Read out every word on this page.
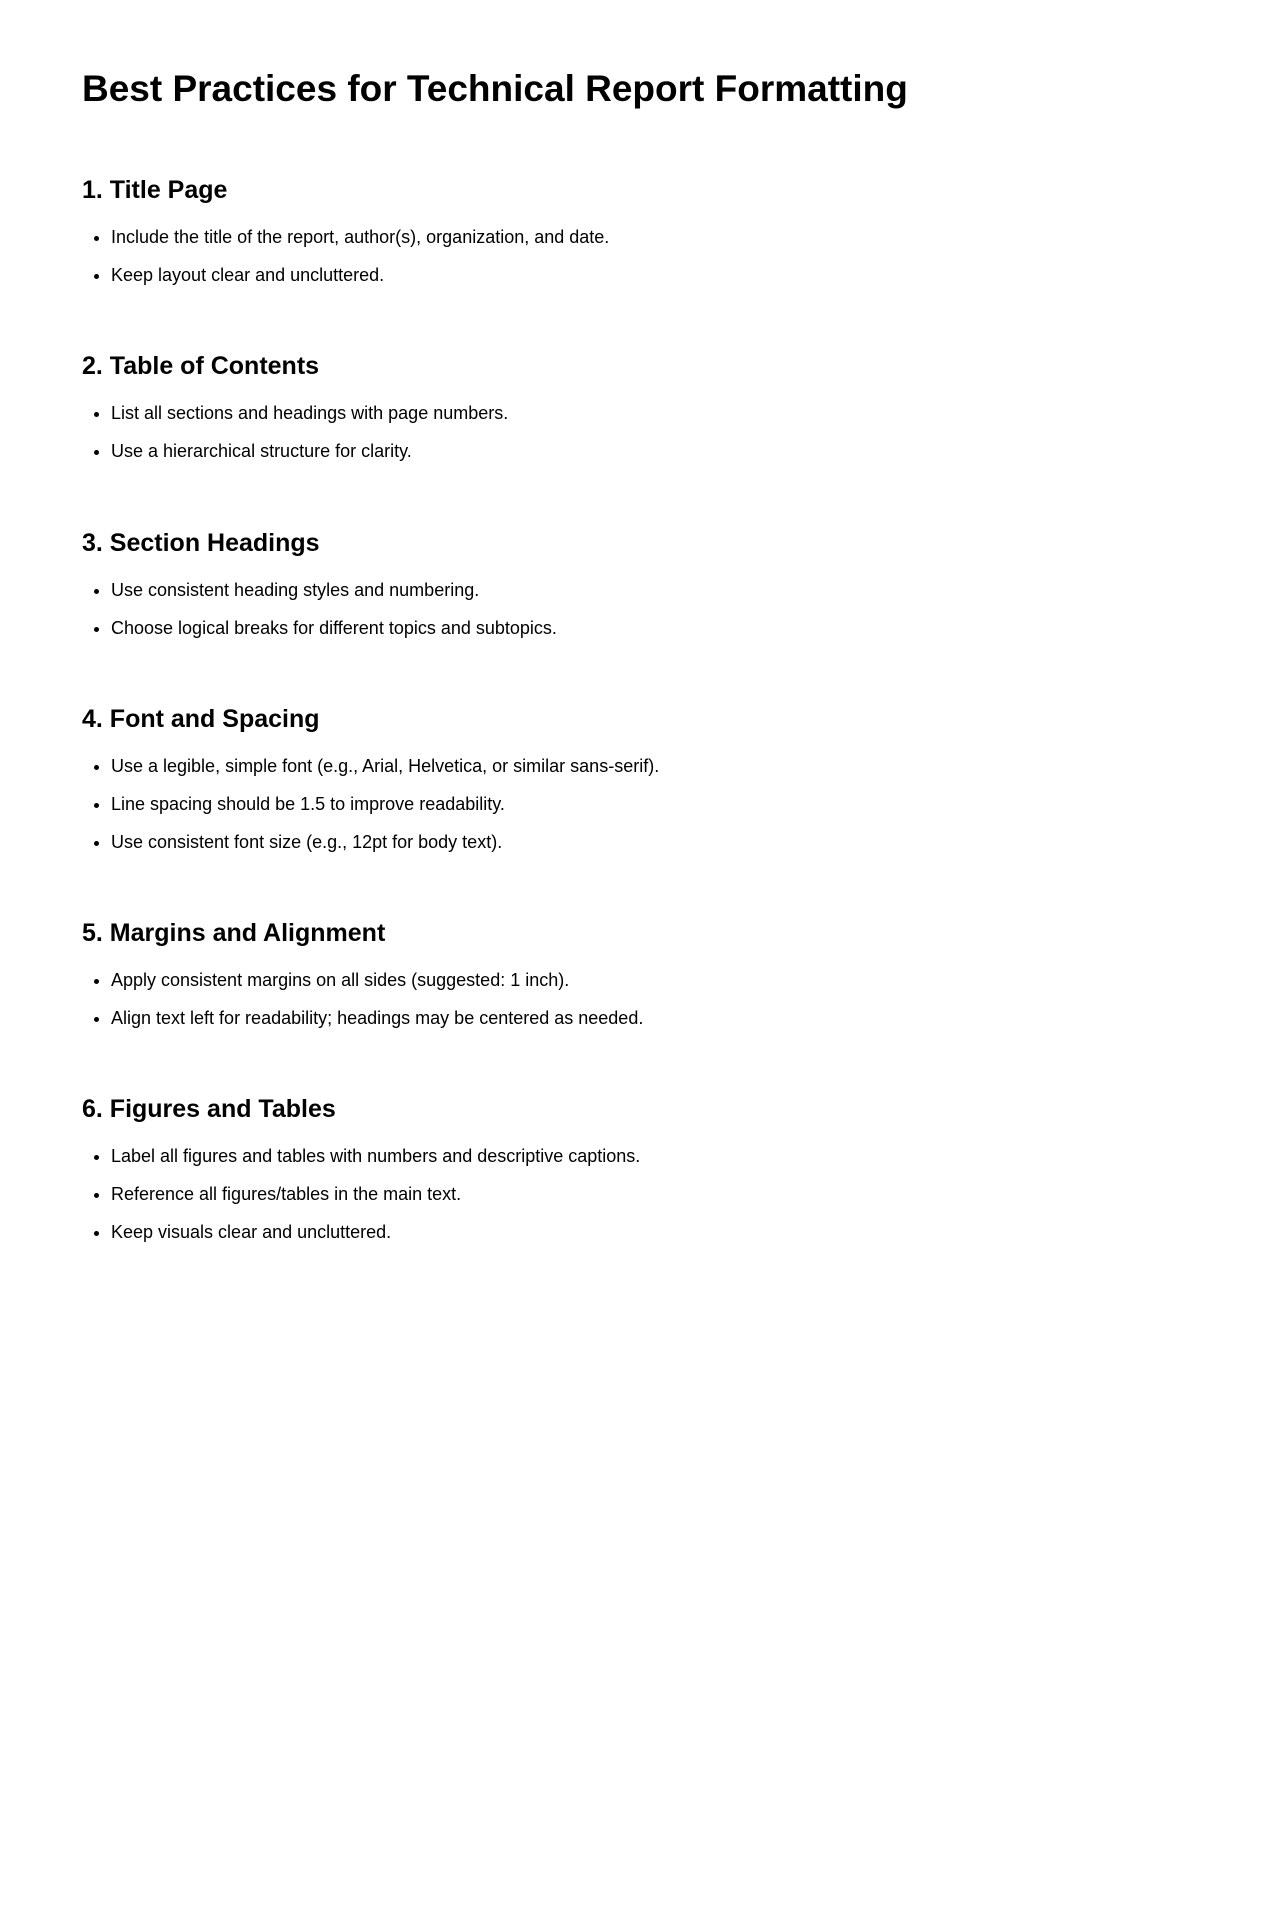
Best Practices for Technical Report Formatting
1. Title Page
• Include the title of the report, author(s), organization, and date.
• Keep layout clear and uncluttered.
2. Table of Contents
• List all sections and headings with page numbers.
• Use a hierarchical structure for clarity.
3. Section Headings
• Use consistent heading styles and numbering.
• Choose logical breaks for different topics and subtopics.
4. Font and Spacing
• Use a legible, simple font (e.g., Arial, Helvetica, or similar sans-serif).
• Line spacing should be 1.5 to improve readability.
• Use consistent font size (e.g., 12pt for body text).
5. Margins and Alignment
• Apply consistent margins on all sides (suggested: 1 inch).
• Align text left for readability; headings may be centered as needed.
6. Figures and Tables
• Label all figures and tables with numbers and descriptive captions.
• Reference all figures/tables in the main text.
• Keep visuals clear and uncluttered.
